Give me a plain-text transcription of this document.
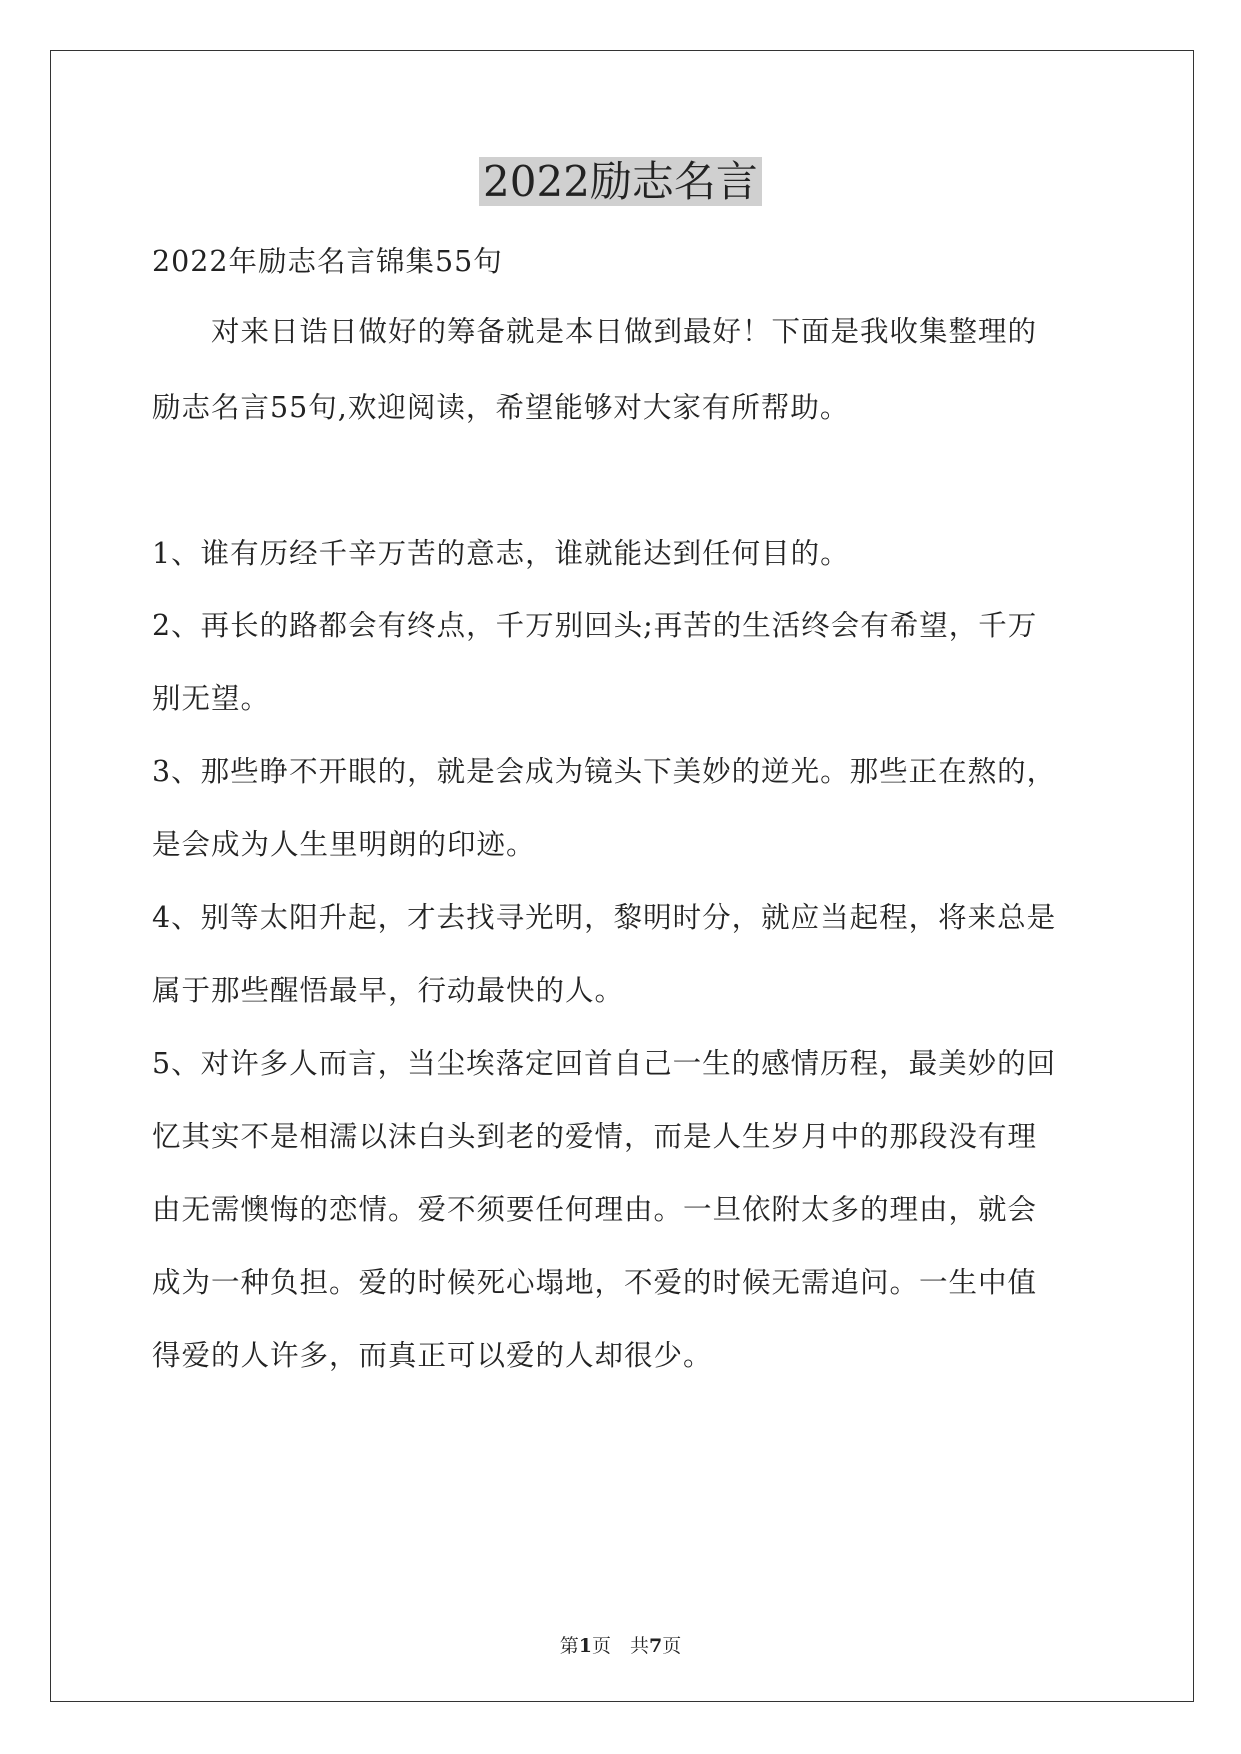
2022励志名言
2022年励志名言锦集55句
　　对来日诰日做好的筹备就是本日做到最好！下面是我收集整理的
励志名言55句,欢迎阅读，希望能够对大家有所帮助。
1、谁有历经千辛万苦的意志，谁就能达到任何目的。
2、再长的路都会有终点，千万别回头;再苦的生活终会有希望，千万
别无望。
3、那些睁不开眼的，就是会成为镜头下美妙的逆光。那些正在熬的，
是会成为人生里明朗的印迹。
4、别等太阳升起，才去找寻光明，黎明时分，就应当起程，将来总是
属于那些醒悟最早，行动最快的人。
5、对许多人而言，当尘埃落定回首自己一生的感情历程，最美妙的回
忆其实不是相濡以沫白头到老的爱情，而是人生岁月中的那段没有理
由无需懊悔的恋情。爱不须要任何理由。一旦依附太多的理由，就会
成为一种负担。爱的时候死心塌地，不爱的时候无需追问。一生中值
得爱的人许多，而真正可以爱的人却很少。
第1页　共7页
